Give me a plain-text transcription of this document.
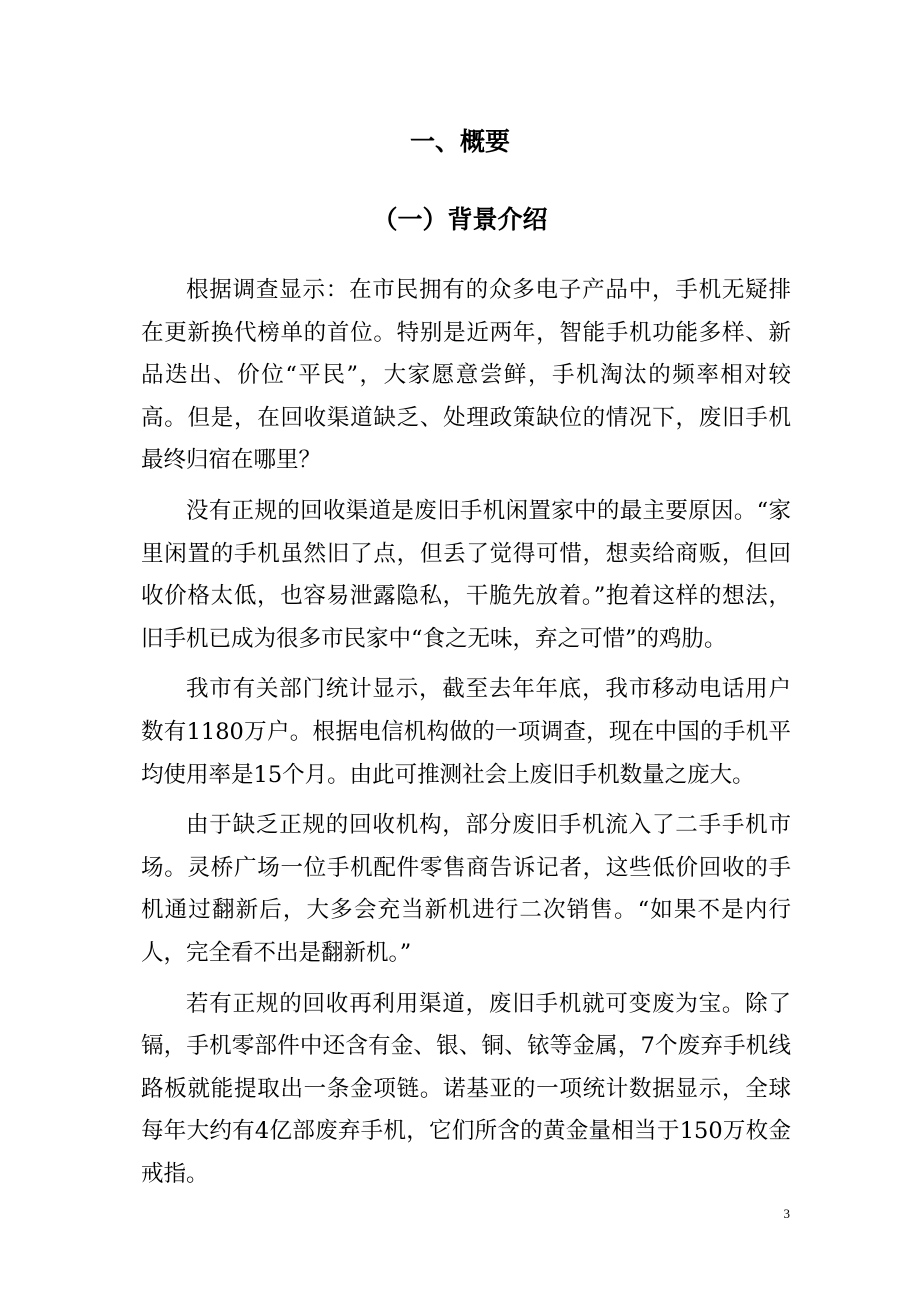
一、概要
（一）背景介绍

根据调查显示：在市民拥有的众多电子产品中，手机无疑排在更新换代榜单的首位。特别是近两年，智能手机功能多样、新品迭出、价位“平民”，大家愿意尝鲜，手机淘汰的频率相对较高。但是，在回收渠道缺乏、处理政策缺位的情况下，废旧手机最终归宿在哪里？

没有正规的回收渠道是废旧手机闲置家中的最主要原因。“家里闲置的手机虽然旧了点，但丢了觉得可惜，想卖给商贩，但回收价格太低，也容易泄露隐私，干脆先放着。”抱着这样的想法，旧手机已成为很多市民家中“食之无味，弃之可惜”的鸡肋。

我市有关部门统计显示，截至去年年底，我市移动电话用户数有1180万户。根据电信机构做的一项调查，现在中国的手机平均使用率是15个月。由此可推测社会上废旧手机数量之庞大。

由于缺乏正规的回收机构，部分废旧手机流入了二手手机市场。灵桥广场一位手机配件零售商告诉记者，这些低价回收的手机通过翻新后，大多会充当新机进行二次销售。“如果不是内行人，完全看不出是翻新机。”

若有正规的回收再利用渠道，废旧手机就可变废为宝。除了镉，手机零部件中还含有金、银、铜、铱等金属，7个废弃手机线路板就能提取出一条金项链。诺基亚的一项统计数据显示，全球每年大约有4亿部废弃手机，它们所含的黄金量相当于150万枚金戒指。

3
